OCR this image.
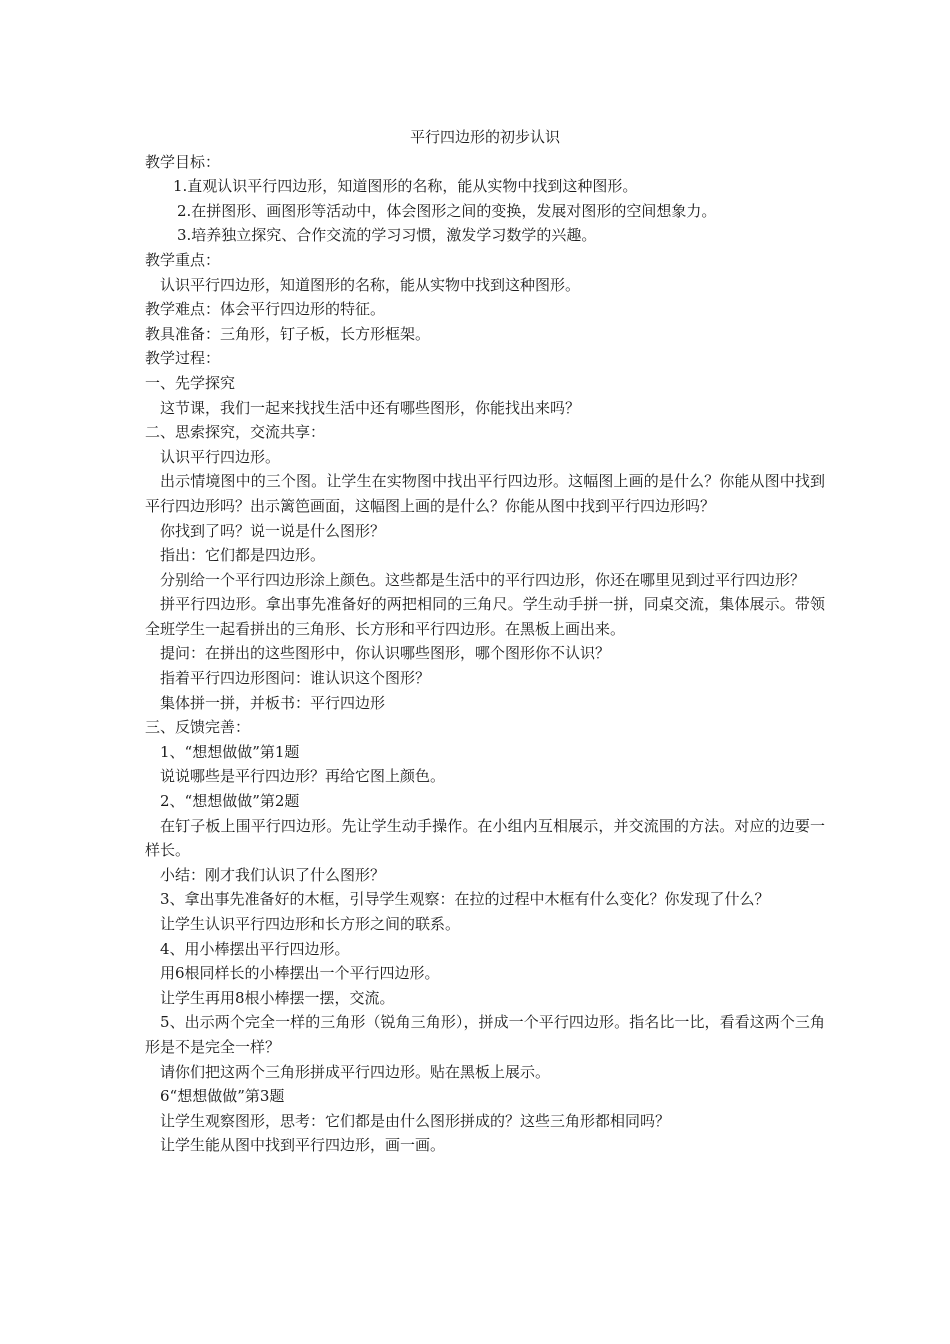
平行四边形的初步认识

教学目标：

1.直观认识平行四边形，知道图形的名称，能从实物中找到这种图形。

2.在拼图形、画图形等活动中，体会图形之间的变换，发展对图形的空间想象力。

3.培养独立探究、合作交流的学习习惯，激发学习数学的兴趣。

教学重点：

认识平行四边形，知道图形的名称，能从实物中找到这种图形。

教学难点：体会平行四边形的特征。

教具准备：三角形，钉子板，长方形框架。

教学过程：

一、先学探究

这节课，我们一起来找找生活中还有哪些图形，你能找出来吗？

二、思索探究，交流共享：

认识平行四边形。

出示情境图中的三个图。让学生在实物图中找出平行四边形。这幅图上画的是什么？你能从图中找到平行四边形吗？出示篱笆画面，这幅图上画的是什么？你能从图中找到平行四边形吗？

你找到了吗？说一说是什么图形？

指出：它们都是四边形。

分别给一个平行四边形涂上颜色。这些都是生活中的平行四边形，你还在哪里见到过平行四边形？

拼平行四边形。拿出事先准备好的两把相同的三角尺。学生动手拼一拼，同桌交流，集体展示。带领全班学生一起看拼出的三角形、长方形和平行四边形。在黑板上画出来。

提问：在拼出的这些图形中，你认识哪些图形，哪个图形你不认识？

指着平行四边形图问：谁认识这个图形？

集体拼一拼，并板书：平行四边形

三、反馈完善：

1、“想想做做”第1题

说说哪些是平行四边形？再给它图上颜色。

2、“想想做做”第2题

在钉子板上围平行四边形。先让学生动手操作。在小组内互相展示，并交流围的方法。对应的边要一样长。

小结：刚才我们认识了什么图形？

3、拿出事先准备好的木框，引导学生观察：在拉的过程中木框有什么变化？你发现了什么？

让学生认识平行四边形和长方形之间的联系。

4、用小棒摆出平行四边形。

用6根同样长的小棒摆出一个平行四边形。

让学生再用8根小棒摆一摆，交流。

5、出示两个完全一样的三角形（锐角三角形），拼成一个平行四边形。指名比一比，看看这两个三角形是不是完全一样？

请你们把这两个三角形拼成平行四边形。贴在黑板上展示。

6“想想做做”第3题

让学生观察图形，思考：它们都是由什么图形拼成的？这些三角形都相同吗？

让学生能从图中找到平行四边形，画一画。
